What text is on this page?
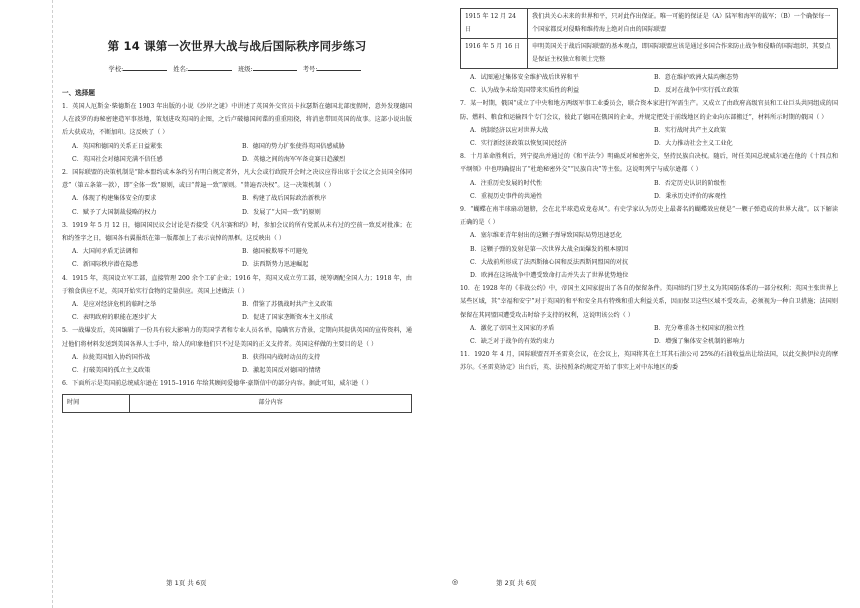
第 14 课第一次世界大战与战后国际秩序同步练习
学校:	姓名:	班级:	考号:
一、选择题
1．英国人厄斯金·柴德斯在 1903 年出版的小说《沙岸之谜》中讲述了英国外交官员卡拉瑟斯在德国北部度假时，意外发现德国人在波罗的海秘密建造军事基地，策划进攻英国的企图，之后卢破德国间谍的重重阻挠，将消息带回英国的故事。这部小说出版后大获成功，不断加印。这反映了（ ）
A．英国和德国的关系正日益紧张	B．德国的势力扩张使得英国倍感威胁
C．英国社会对德国充满不信任感	D．英德之间的海军军备竞赛日趋激烈
2．国际联盟的决策机制是“除本盟约或本条约另有明白规定者外，凡大会或行政院开会时之决议应得出席于会议之会员国全体同意”（第五条第一款），即“全体一致”原则，或曰“普遍一致”原则。“普遍否决权”。这一决策机制（ ）
A．体现了构建集体安全的要求	B．构建了战后国际政治新秩序
C．赋予了大国制裁侵略的权力	D．发展了“大国一致”的原则
3．1919 年 5 月 12 日，德国国民议会讨论是否接受《凡尔赛和约》时，参加会议的所有党派从未有过的空前一致反对批准；在和约签字之日，德国各右翼报纸在第一版都加上了表示哀悼的黑框。这反映出（ ）
A．大国间矛盾无法调和	B．德国被欺辱不可避免
C．新国际秩序潜在隐患	D．法西斯势力迅速崛起
4．1915 年，英国设立军工部，直接管理 200 余个工矿企业；1916 年，英国又成立劳工部，统筹调配全国人力；1918 年，由于粮食供应不足，英国开始实行食物的定量供应。英国上述做法（ ）
A．是应对经济危机的临时之举	B．借鉴了苏俄战时共产主义政策
C．表明政府的职能在逐步扩大	D．促进了国家垄断资本主义形成
5．一战爆发后，英国编辑了一份具有较大影响力的美国学者和专业人员名单，隐瞒官方背景，定期向其提供英国的宣传资料，通过他们将材料发送到美国各界人士手中，给人的印象他们只不过是美国的正义支持者。英国这样做的主要目的是（ ）
A．拉拢美国加入协约国作战	B．获得国内战时动员的支持
C．打破美国的孤立主义政策	D．激起美国反对德国的情绪
6．下面所示是美国前总统威尔逊在 1915–1916 年给其顾问爱德华·豪斯信中的部分内容。据此可知，威尔逊（ ）
时间	部分内容
第 1页 共 6页
1915 年 12 月 24 日	我们共关心未来的世界和平，只对此作出保证。唯一可能的保证是（A）陆军和海军的裁军；（B）一个确保每一个国家都反对侵略和维持海上绝对自由的国际联盟
1916 年 5 月 16 日	申明美国关于战后国际联盟的基本观点，即国际联盟应该是通过多国合作来防止战争和侵略的国际组织，其要点是保证主权独立和领土完整
A．试图通过集体安全维护战后世界和平	B．意在维护欧洲大陆均衡态势
C．认为战争未给美国带来实质性的利益	D．反对在战争中实行孤立政策
7．某一时期，俄国“成立了中央和地方两级军事工业委员会，联合资本家进行军需生产。又成立了由政府高级官员和工业巨头共同组成的国防、燃料、粮食和运输四个专门会议，彼此了德国在俄国的企业，并规定把处于前线地区的企业向东部搬迁”，材料所示时期的俄国（ ）
A．统制经济以应对世界大战	B．实行战时共产主义政策
C．实行新经济政策以恢复国民经济	D．大力推动社会主义工业化
8．十月革命胜利后，列宁提出并通过的《和平法令》明确反对秘密外交，坚持民族自决权。随后，时任美国总统威尔逊在他的《十四点和平纲领》中也明确提出了“杜绝秘密外交”“民族自决”等主张。这说明列宁与威尔逊都（ ）
A．注重历史发展的时代性	B．否定历史认识的阶级性
C．重视历史事件的共通性	D．秉承历史评价的客观性
9．“蝴蝶在南半球扇动翅膀，会在北半球造成龙卷风”。有史学家认为历史上最著名的蝴蝶效应便是“一颗子弹造成的世界大战”。以下解读正确的是（ ）
A．塞尔维亚青年射出的这颗子弹导致国际局势迅速恶化
B．这颗子弹的发射是第一次世界大战全面爆发的根本原因
C．大战前所形成了法西斯轴心国和反法西斯同盟国的对抗
D．欧洲在这场战争中遭受致命打击并失去了世界优势地位
10．在 1928 年的《非战公约》中，帝国主义国家提出了各自的保留条件。美国缔约门罗主义为其国防体系的一部分权利；英国主张世界上某些区域，其“幸福和安宁”对于英国的和平和安全具有特殊和重大利益关系，因而保卫这些区域不受攻击，必须视为一种自卫措施；法国则保留在其同盟国遭受攻击时给予支持的权利，这说明该公约（ ）
A．激化了帝国主义国家的矛盾	B．充分尊重各主权国家的独立性
C．缺乏对于战争的有效约束力	D．增强了集体安全机制的影响力
11．1920 年 4 月，国际联盟召开圣雷莫会议，在会议上，英国将其在土耳其石油公司 25%的石油收益出让给法国，以此交换伊拉克的摩苏尔。《圣雷莫协定》出台后，英、法按照条约规定开始了事实上对中东地区的委
第 2页 共 6页
◎
